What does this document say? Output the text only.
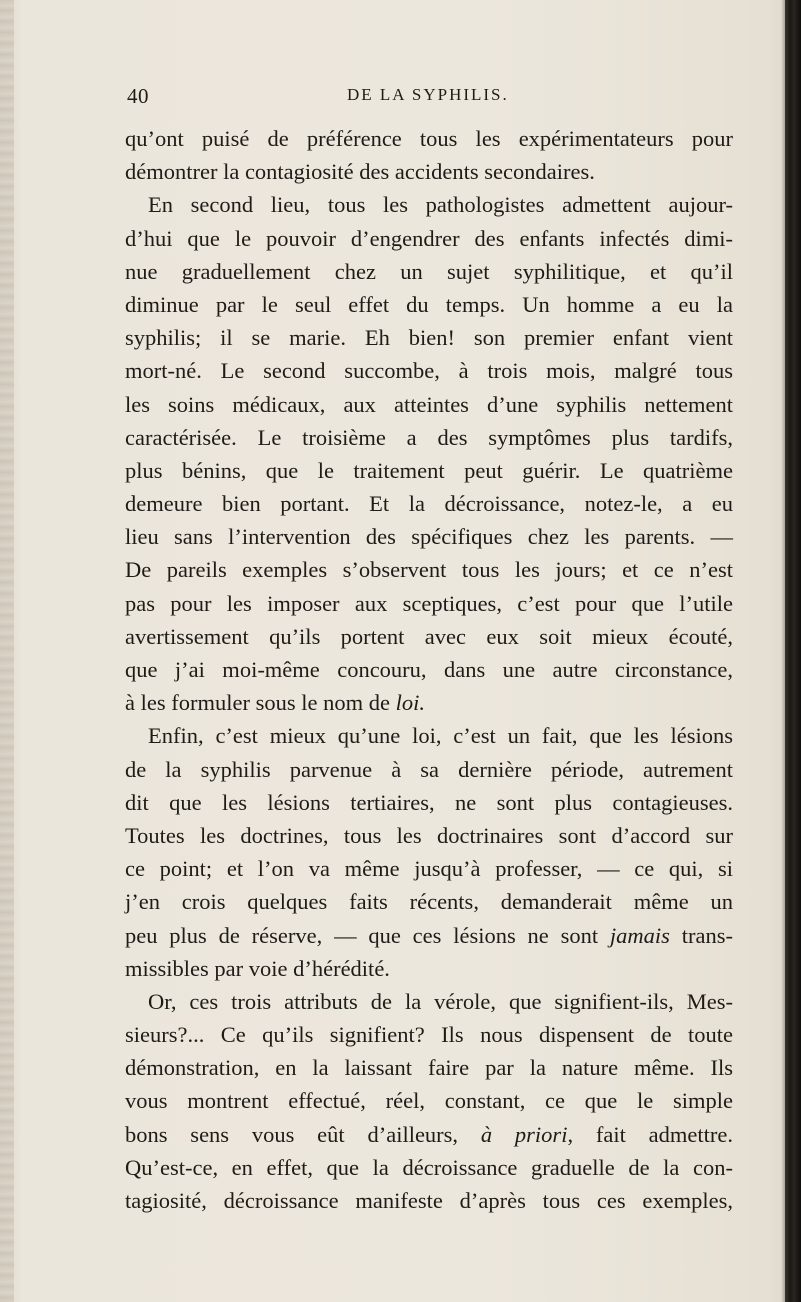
40	DE LA SYPHILIS.
qu’ont puisé de préférence tous les expérimentateurs pour
démontrer la contagiosité des accidents secondaires.
En second lieu, tous les pathologistes admettent aujour-
d’hui que le pouvoir d’engendrer des enfants infectés dimi-
nue graduellement chez un sujet syphilitique, et qu’il
diminue par le seul effet du temps. Un homme a eu la
syphilis; il se marie. Eh bien! son premier enfant vient
mort-né. Le second succombe, à trois mois, malgré tous
les soins médicaux, aux atteintes d’une syphilis nettement
caractérisée. Le troisième a des symptômes plus tardifs,
plus bénins, que le traitement peut guérir. Le quatrième
demeure bien portant. Et la décroissance, notez-le, a eu
lieu sans l’intervention des spécifiques chez les parents. —
De pareils exemples s’observent tous les jours; et ce n’est
pas pour les imposer aux sceptiques, c’est pour que l’utile
avertissement qu’ils portent avec eux soit mieux écouté,
que j’ai moi-même concouru, dans une autre circonstance,
à les formuler sous le nom de loi.
Enfin, c’est mieux qu’une loi, c’est un fait, que les lésions
de la syphilis parvenue à sa dernière période, autrement
dit que les lésions tertiaires, ne sont plus contagieuses.
Toutes les doctrines, tous les doctrinaires sont d’accord sur
ce point; et l’on va même jusqu’à professer, — ce qui, si
j’en crois quelques faits récents, demanderait même un
peu plus de réserve, — que ces lésions ne sont jamais trans-
missibles par voie d’hérédité.
Or, ces trois attributs de la vérole, que signifient-ils, Mes-
sieurs?... Ce qu’ils signifient? Ils nous dispensent de toute
démonstration, en la laissant faire par la nature même. Ils
vous montrent effectué, réel, constant, ce que le simple
bons sens vous eût d’ailleurs, à priori, fait admettre.
Qu’est-ce, en effet, que la décroissance graduelle de la con-
tagiosité, décroissance manifeste d’après tous ces exemples,
